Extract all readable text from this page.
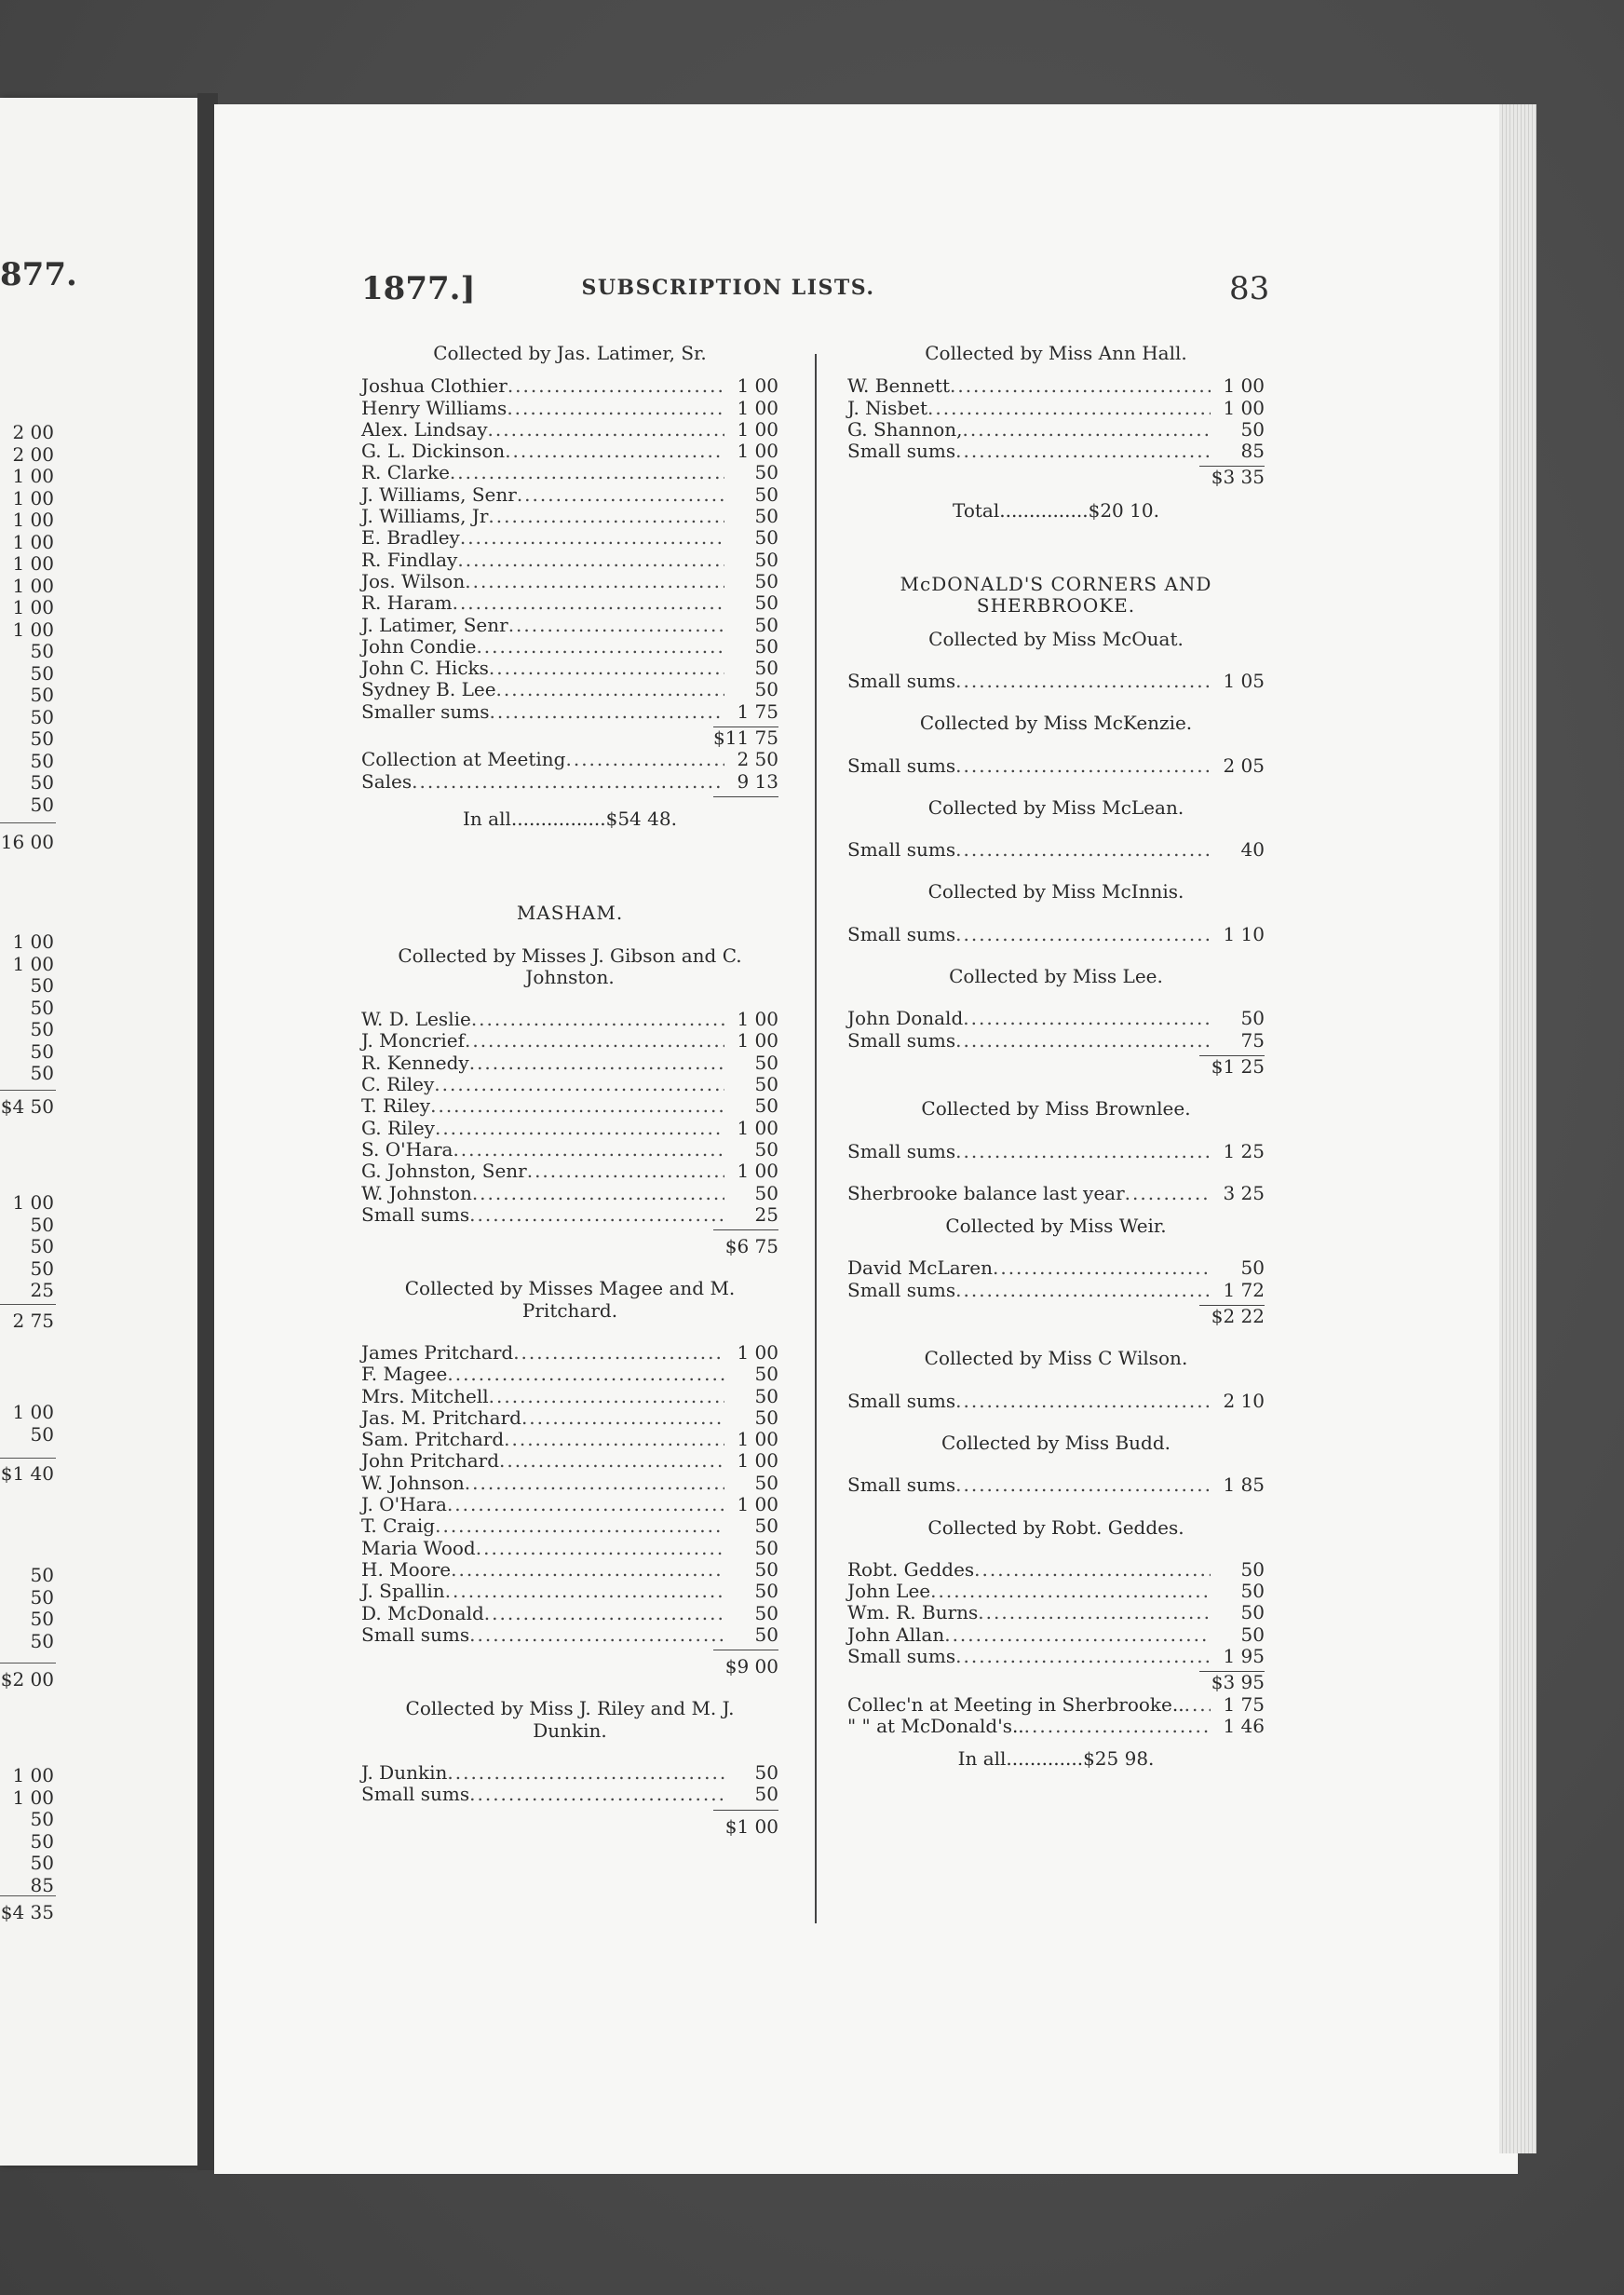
877.
2 00
2 00
1 00
1 00
1 00
1 00
1 00
1 00
1 00
1 00
50
50
50
50
50
50
50
50
16 00
1 00
1 00
50
50
50
50
50
$4 50
1 00
50
50
50
25
2 75
1 00
50
$1 40
50
50
50
50
$2 00
1 00
1 00
50
50
50
85
$4 35
1877.]	SUBSCRIPTION LISTS.	83

Collected by Jas. Latimer, Sr.

Joshua Clothier .....	1 00
Henry Williams .....	1 00
Alex. Lindsay .....	1 00
G. L. Dickinson .....	1 00
R. Clarke .....	50
J. Williams, Senr .....	50
J. Williams, Jr .....	50
E. Bradley .....	50
R. Findlay .....	50
Jos. Wilson .....	50
R. Haram .....	50
J. Latimer, Senr .....	50
John Condie .....	50
John C. Hicks .....	50
Sydney B. Lee .....	50
Smaller sums .....	1 75
$11 75
Collection at Meeting .....	2 50
Sales .....	9 13
In all................$54 48.

MASHAM.

Collected by Misses J. Gibson and C. Johnston.

W. D. Leslie .....	1 00
J. Moncrief .....	1 00
R. Kennedy .....	50
C. Riley .....	50
T. Riley .....	50
G. Riley .....	1 00
S. O'Hara .....	50
G. Johnston, Senr .....	1 00
W. Johnston .....	50
Small sums .....	25
$6 75

Collected by Misses Magee and M. Pritchard.

James Pritchard .....	1 00
F. Magee .....	50
Mrs. Mitchell .....	50
Jas. M. Pritchard .....	50
Sam. Pritchard .....	1 00
John Pritchard .....	1 00
W. Johnson .....	50
J. O'Hara .....	1 00
T. Craig .....	50
Maria Wood .....	50
H. Moore .....	50
J. Spallin .....	50
D. McDonald .....	50
Small sums .....	50
$9 00

Collected by Miss J. Riley and M. J. Dunkin.

J. Dunkin .....	50
Small sums .....	50
$1 00

Collected by Miss Ann Hall.

W. Bennett .....	1 00
J. Nisbet .....	1 00
G. Shannon, .....	50
Small sums .....	85
$3 35
Total...............$20 10.

McDONALD'S CORNERS AND

SHERBROOKE.

Collected by Miss McOuat.

Small sums .....	1 05

Collected by Miss McKenzie.

Small sums .....	2 05

Collected by Miss McLean.

Small sums .....	40

Collected by Miss McInnis.

Small sums .....	1 10

Collected by Miss Lee.

John Donald .....	50
Small sums .....	75
$1 25

Collected by Miss Brownlee.

Small sums .....	1 25
Sherbrooke balance last year .....	3 25

Collected by Miss Weir.

David McLaren .....	50
Small sums .....	1 72
$2 22

Collected by Miss C Wilson.

Small sums .....	2 10

Collected by Miss Budd.

Small sums .....	1 85

Collected by Robt. Geddes.

Robt. Geddes .....	50
John Lee .....	50
Wm. R. Burns .....	50
John Allan .....	50
Small sums .....	1 95
$3 95
Collec'n at Meeting in Sherbrooke.. .....	1 75
" " at McDonald's.. .....	1 46
In all.............$25 98.
